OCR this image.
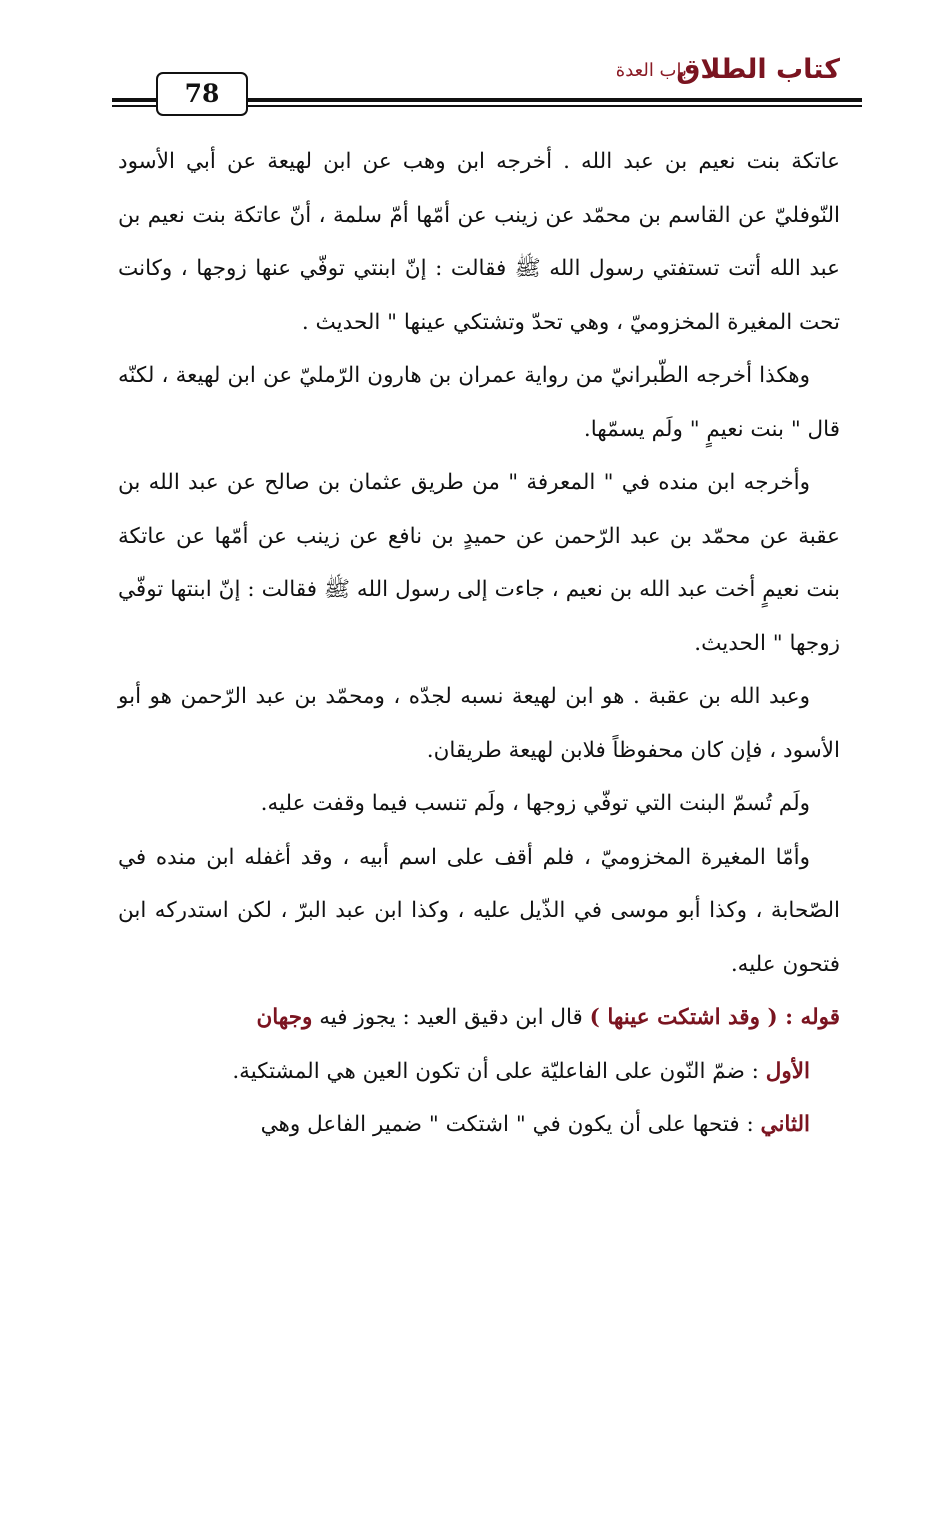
كتاب الطلاق
باب العدة
78

عاتكة بنت نعيم بن عبد الله . أخرجه ابن وهب عن ابن لهيعة عن أبي الأسود النّوفليّ عن القاسم بن محمّد عن زينب عن أمّها أمّ سلمة ، أنّ عاتكة بنت نعيم بن عبد الله أتت تستفتي رسول الله ﷺ فقالت : إنّ ابنتي توفّي عنها زوجها ، وكانت تحت المغيرة المخزوميّ ، وهي تحدّ وتشتكي عينها " الحديث .

وهكذا أخرجه الطّبرانيّ من رواية عمران بن هارون الرّمليّ عن ابن لهيعة ، لكنّه قال " بنت نعيمٍ " ولَم يسمّها.

وأخرجه ابن منده في " المعرفة " من طريق عثمان بن صالح عن عبد الله بن عقبة عن محمّد بن عبد الرّحمن عن حميدٍ بن نافع عن زينب عن أمّها عن عاتكة بنت نعيمٍ أخت عبد الله بن نعيم ، جاءت إلى رسول الله ﷺ فقالت : إنّ ابنتها توفّي زوجها " الحديث.

وعبد الله بن عقبة . هو ابن لهيعة نسبه لجدّه ، ومحمّد بن عبد الرّحمن هو أبو الأسود ، فإن كان محفوظاً فلابن لهيعة طريقان.

ولَم تُسمّ البنت التي توفّي زوجها ، ولَم تنسب فيما وقفت عليه.

وأمّا المغيرة المخزوميّ ، فلم أقف على اسم أبيه ، وقد أغفله ابن منده في الصّحابة ، وكذا أبو موسى في الذّيل عليه ، وكذا ابن عبد البرّ ، لكن استدركه ابن فتحون عليه.

قوله : ( وقد اشتكت عينها ) قال ابن دقيق العيد : يجوز فيه وجهان

الأول : ضمّ النّون على الفاعليّة على أن تكون العين هي المشتكية.

الثاني : فتحها على أن يكون في " اشتكت " ضمير الفاعل وهي
